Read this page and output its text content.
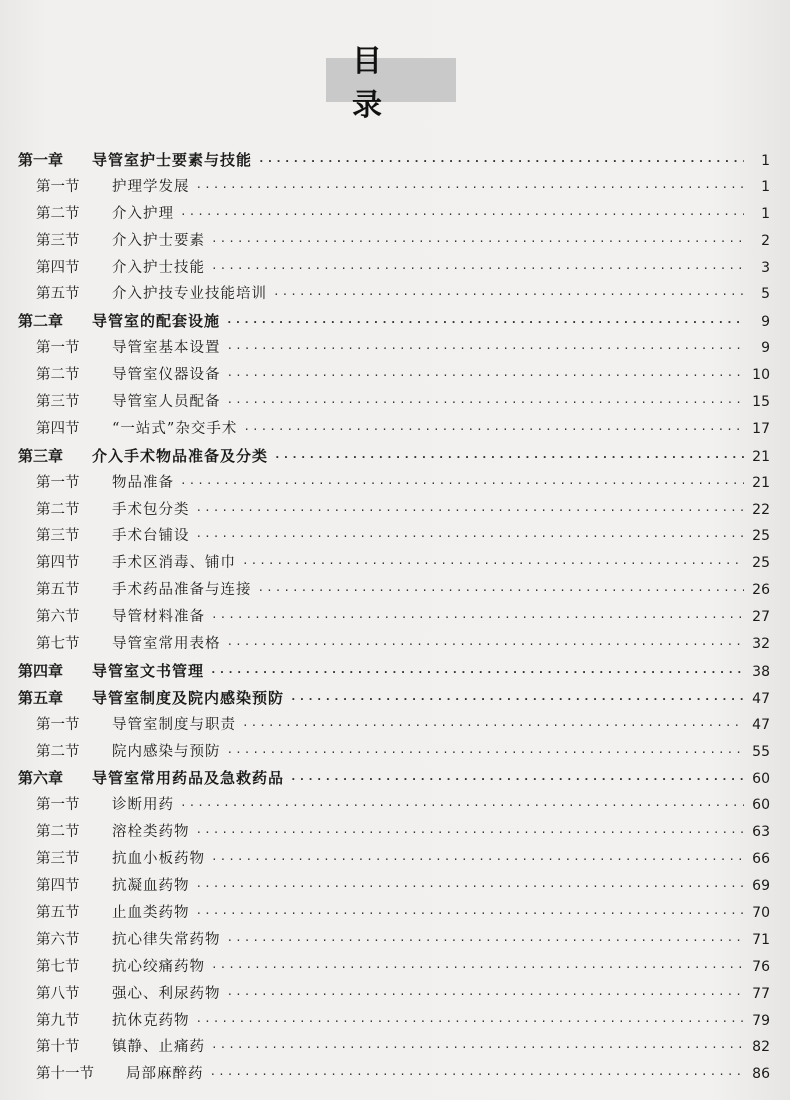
目 录
第一章	导管室护士要素与技能 ·····	1
第一节	护理学发展 ·····	1
第二节	介入护理 ·····	1
第三节	介入护士要素 ·····	2
第四节	介入护士技能 ·····	3
第五节	介入护技专业技能培训 ·····	5
第二章	导管室的配套设施 ·····	9
第一节	导管室基本设置 ·····	9
第二节	导管室仪器设备 ·····	10
第三节	导管室人员配备 ·····	15
第四节	“一站式”杂交手术 ·····	17
第三章	介入手术物品准备及分类 ·····	21
第一节	物品准备 ·····	21
第二节	手术包分类 ·····	22
第三节	手术台铺设 ·····	25
第四节	手术区消毒、铺巾 ·····	25
第五节	手术药品准备与连接 ·····	26
第六节	导管材料准备 ·····	27
第七节	导管室常用表格 ·····	32
第四章	导管室文书管理 ·····	38
第五章	导管室制度及院内感染预防 ·····	47
第一节	导管室制度与职责 ·····	47
第二节	院内感染与预防 ·····	55
第六章	导管室常用药品及急救药品 ·····	60
第一节	诊断用药 ·····	60
第二节	溶栓类药物 ·····	63
第三节	抗血小板药物 ·····	66
第四节	抗凝血药物 ·····	69
第五节	止血类药物 ·····	70
第六节	抗心律失常药物 ·····	71
第七节	抗心绞痛药物 ·····	76
第八节	强心、利尿药物 ·····	77
第九节	抗休克药物 ·····	79
第十节	镇静、止痛药 ·····	82
第十一节	局部麻醉药 ·····	86
